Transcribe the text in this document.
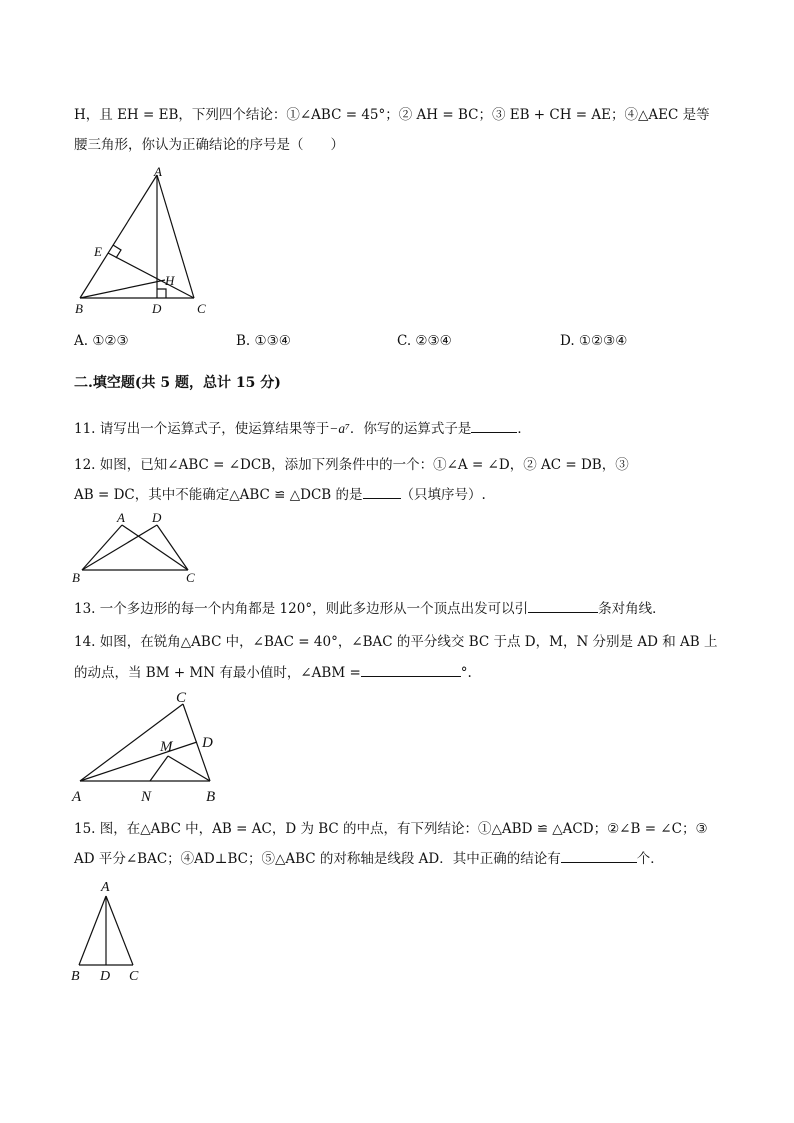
H，且 EH = EB，下列四个结论：①∠ABC = 45°；② AH = BC；③ EB + CH = AE；④△AEC 是等
腰三角形，你认为正确结论的序号是（　　）
A
E
H
B	D	C
A. ①②③	B. ①③④	C. ②③④	D. ①②③④
二.填空题(共 5 题，总计 15 分)
11. 请写出一个运算式子，使运算结果等于−a⁷．你写的运算式子是	．
12. 如图，已知∠ABC = ∠DCB，添加下列条件中的一个：①∠A = ∠D，② AC = DB，③
AB = DC，其中不能确定△ABC ≌ △DCB 的是	（只填序号）.
A D
B	C
13. 一个多边形的每一个内角都是 120°，则此多边形从一个顶点出发可以引	条对角线．
14. 如图，在锐角△ABC 中，∠BAC = 40°，∠BAC 的平分线交 BC 于点 D，M，N 分别是 AD 和 AB 上
的动点，当 BM + MN 有最小值时，∠ABM =	°.
C
M D
A	N	B
15. 图，在△ABC 中，AB = AC，D 为 BC 的中点，有下列结论：①△ABD ≌ △ACD；②∠B = ∠C；③
AD 平分∠BAC；④AD⊥BC；⑤△ABC 的对称轴是线段 AD．其中正确的结论有	个．
A
B D C
